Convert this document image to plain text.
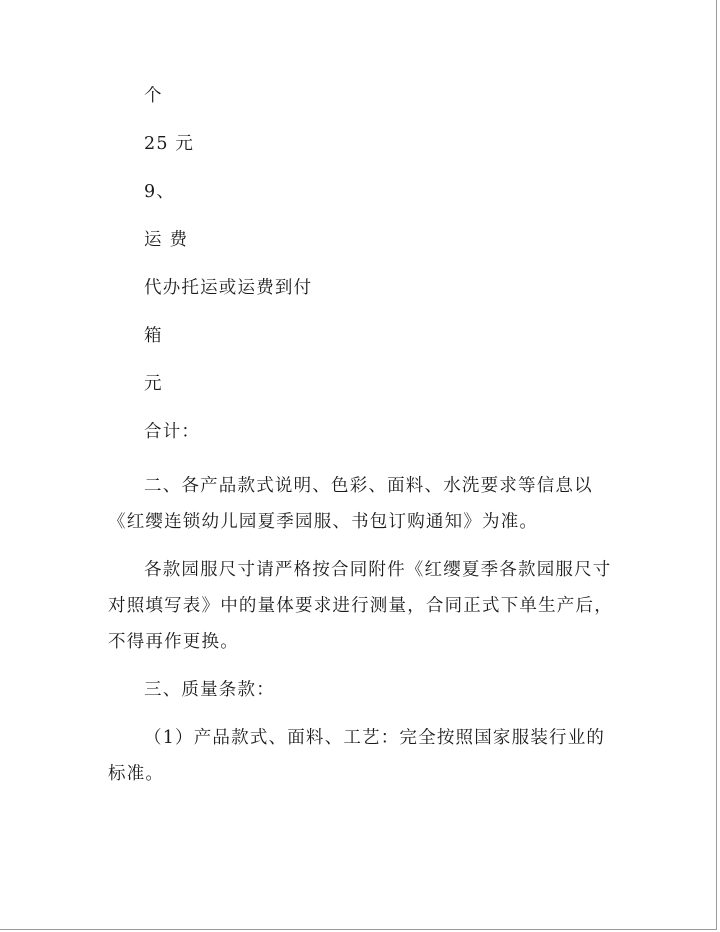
个

25 元

9、

运 费

代办托运或运费到付

箱

元

合计：

二、各产品款式说明、色彩、面料、水洗要求等信息以《红缨连锁幼儿园夏季园服、书包订购通知》为准。

各款园服尺寸请严格按合同附件《红缨夏季各款园服尺寸对照填写表》中的量体要求进行测量，合同正式下单生产后，不得再作更换。

三、质量条款：

（1）产品款式、面料、工艺：完全按照国家服装行业的标准。
